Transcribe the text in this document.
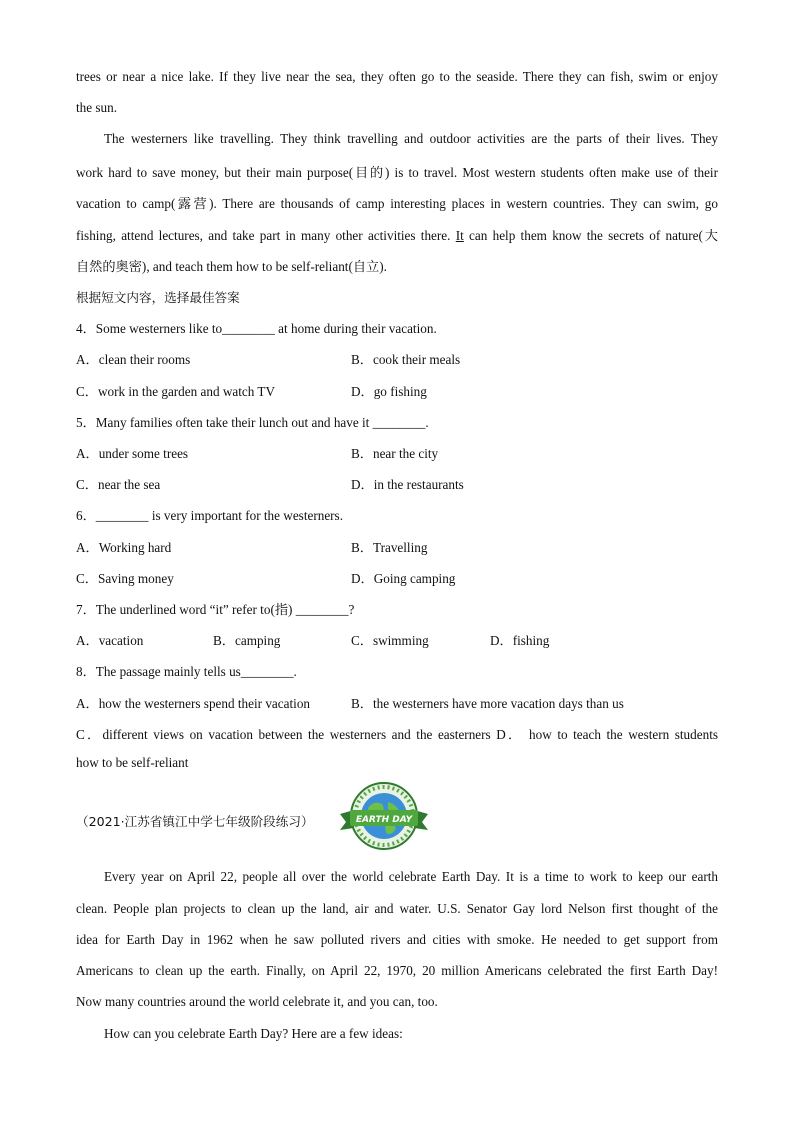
trees or near a nice lake. If they live near the sea, they often go to the seaside. There they can fish, swim or enjoy
the sun.
The westerners like travelling. They think travelling and outdoor activities are the parts of their lives. They
work hard to save money, but their main purpose(目的) is to travel. Most western students often make use of their
vacation to camp(露营). There are thousands of camp interesting places in western countries. They can swim, go
fishing, attend lectures, and take part in many other activities there. It can help them know the secrets of nature(大
自然的奥密), and teach them how to be self-reliant(自立).
根据短文内容，选择最佳答案
4．Some westerners like to________ at home during their vacation.
A．clean their rooms	B．cook their meals
C．work in the garden and watch TV	D．go fishing
5．Many families often take their lunch out and have it ________.
A．under some trees	B．near the city
C．near the sea	D．in the restaurants
6．________ is very important for the westerners.
A．Working hard	B．Travelling
C．Saving money	D．Going camping
7．The underlined word “it” refer to(指) ________?
A．vacation	B．camping	C．swimming	D．fishing
8．The passage mainly tells us________.
A．how the westerners spend their vacation	B．the westerners have more vacation days than us
C．different views on vacation between the westerners and the easterners D． how to teach the western students
how to be self-reliant
（2021·江苏省镇江中学七年级阶段练习）	EARTH DAY
Every year on April 22, people all over the world celebrate Earth Day. It is a time to work to keep our earth
clean. People plan projects to clean up the land, air and water. U.S. Senator Gay lord Nelson first thought of the
idea for Earth Day in 1962 when he saw polluted rivers and cities with smoke. He needed to get support from
Americans to clean up the earth. Finally, on April 22, 1970, 20 million Americans celebrated the first Earth Day!
Now many countries around the world celebrate it, and you can, too.
How can you celebrate Earth Day? Here are a few ideas:
